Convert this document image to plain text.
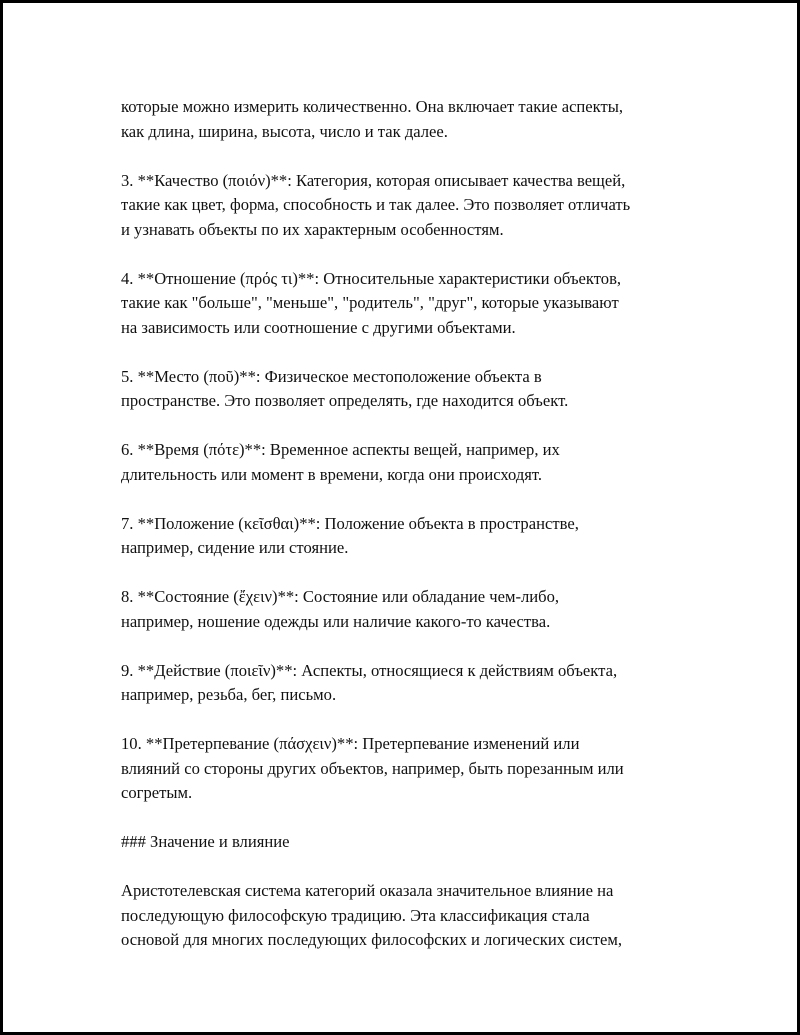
которые можно измерить количественно. Она включает такие аспекты,
как длина, ширина, высота, число и так далее.

3. **Качество (ποιόν)**: Категория, которая описывает качества вещей,
такие как цвет, форма, способность и так далее. Это позволяет отличать
и узнавать объекты по их характерным особенностям.

4. **Отношение (πρός τι)**: Относительные характеристики объектов,
такие как "больше", "меньше", "родитель", "друг", которые указывают
на зависимость или соотношение с другими объектами.

5. **Место (ποῦ)**: Физическое местоположение объекта в
пространстве. Это позволяет определять, где находится объект.

6. **Время (πότε)**: Временное аспекты вещей, например, их
длительность или момент в времени, когда они происходят.

7. **Положение (κεῖσθαι)**: Положение объекта в пространстве,
например, сидение или стояние.

8. **Состояние (ἔχειν)**: Состояние или обладание чем-либо,
например, ношение одежды или наличие какого-то качества.

9. **Действие (ποιεῖν)**: Аспекты, относящиеся к действиям объекта,
например, резьба, бег, письмо.

10. **Претерпевание (πάσχειν)**: Претерпевание изменений или
влияний со стороны других объектов, например, быть порезанным или
согретым.

### Значение и влияние

Аристотелевская система категорий оказала значительное влияние на
последующую философскую традицию. Эта классификация стала
основой для многих последующих философских и логических систем,
